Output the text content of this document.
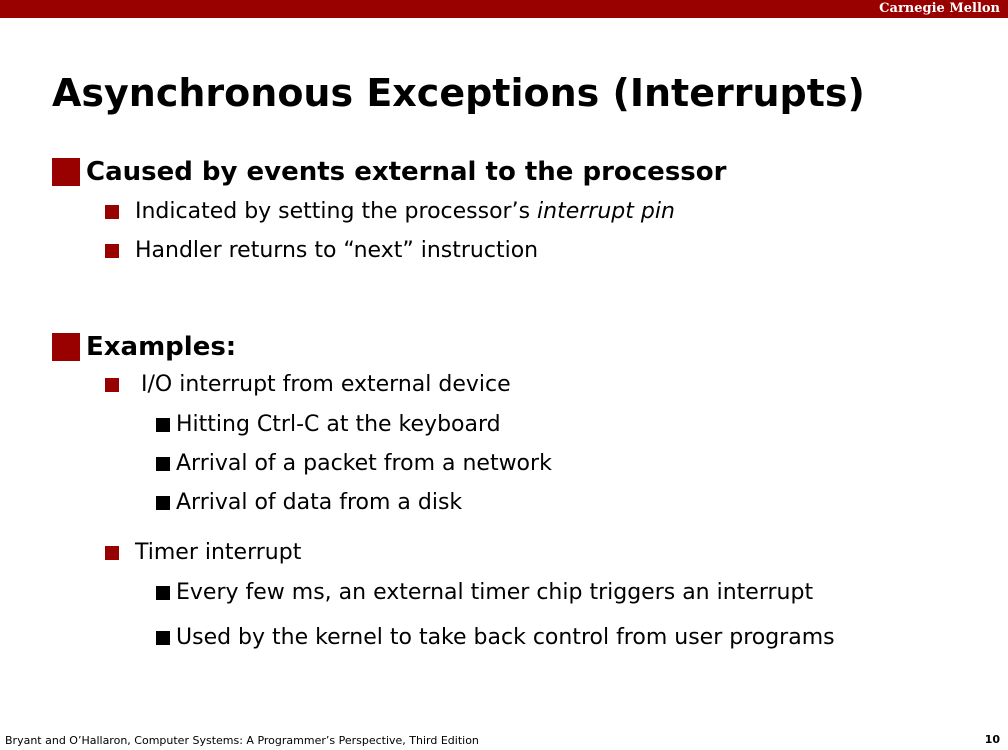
Carnegie Mellon
Asynchronous Exceptions (Interrupts)
Caused by events external to the processor
Indicated by setting the processor’s interrupt pin
Handler returns to “next” instruction
Examples:
I/O interrupt from external device
Hitting Ctrl-C at the keyboard
Arrival of a packet from a network
Arrival of data from a disk
Timer interrupt
Every few ms, an external timer chip triggers an interrupt
Used by the kernel to take back control from user programs
Bryant and O’Hallaron, Computer Systems: A Programmer’s Perspective, Third Edition	10
